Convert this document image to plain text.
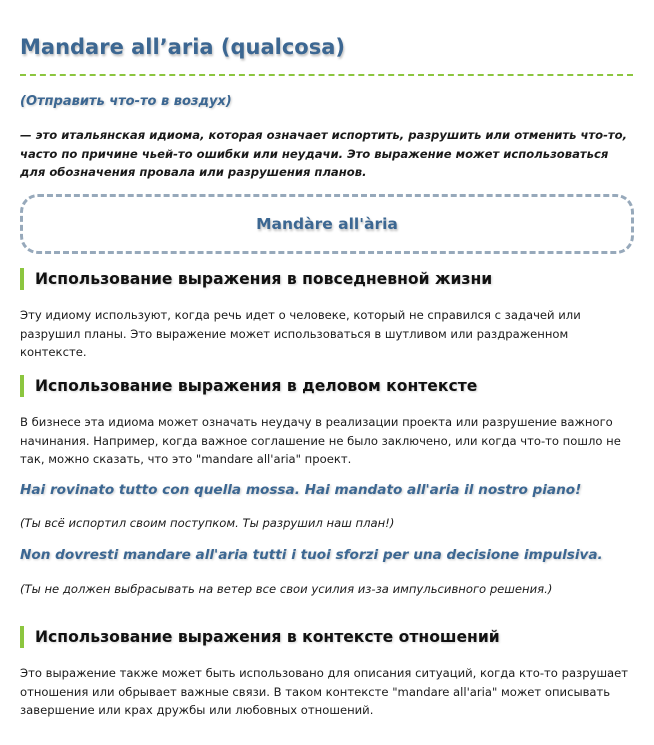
Mandare all’aria (qualcosa)
(Отправить что-то в воздух)
— это итальянская идиома, которая означает испортить, разрушить или отменить что-то, часто по причине чьей-то ошибки или неудачи. Это выражение может использоваться для обозначения провала или разрушения планов.
Mandàre all'ària
Использование выражения в повседневной жизни
Эту идиому используют, когда речь идет о человеке, который не справился с задачей или разрушил планы. Это выражение может использоваться в шутливом или раздраженном контексте.
Использование выражения в деловом контексте
В бизнесе эта идиома может означать неудачу в реализации проекта или разрушение важного начинания. Например, когда важное соглашение не было заключено, или когда что-то пошло не так, можно сказать, что это "mandare all'aria" проект.
Hai rovinato tutto con quella mossa. Hai mandato all'aria il nostro piano!
(Ты всё испортил своим поступком. Ты разрушил наш план!)
Non dovresti mandare all'aria tutti i tuoi sforzi per una decisione impulsiva.
(Ты не должен выбрасывать на ветер все свои усилия из-за импульсивного решения.)
Использование выражения в контексте отношений
Это выражение также может быть использовано для описания ситуаций, когда кто-то разрушает отношения или обрывает важные связи. В таком контексте "mandare all'aria" может описывать завершение или крах дружбы или любовных отношений.
